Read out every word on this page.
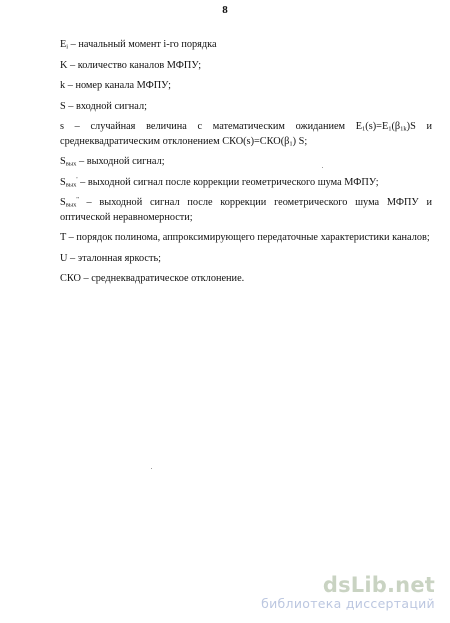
8

$E_i$ – начальный момент i-го порядка

K – количество каналов МФПУ;

k – номер канала МФПУ;

S – входной сигнал;

s – случайная величина с математическим ожиданием $E_1(s)=E_1(\beta_{1k})S$ и среднеквадратическим отклонением $СКО(s)=СКО(\beta_1)$ S;

$S_{вых}$ – выходной сигнал;

$S_{вых}'$ – выходной сигнал после коррекции геометрического шума МФПУ;

$S_{вых}''$ – выходной сигнал после коррекции геометрического шума МФПУ и оптической неравномерности;

T – порядок полинома, аппроксимирующего передаточные характеристики каналов;

U – эталонная яркость;

СКО – среднеквадратическое отклонение.

dsLib.net
библиотека диссертаций
